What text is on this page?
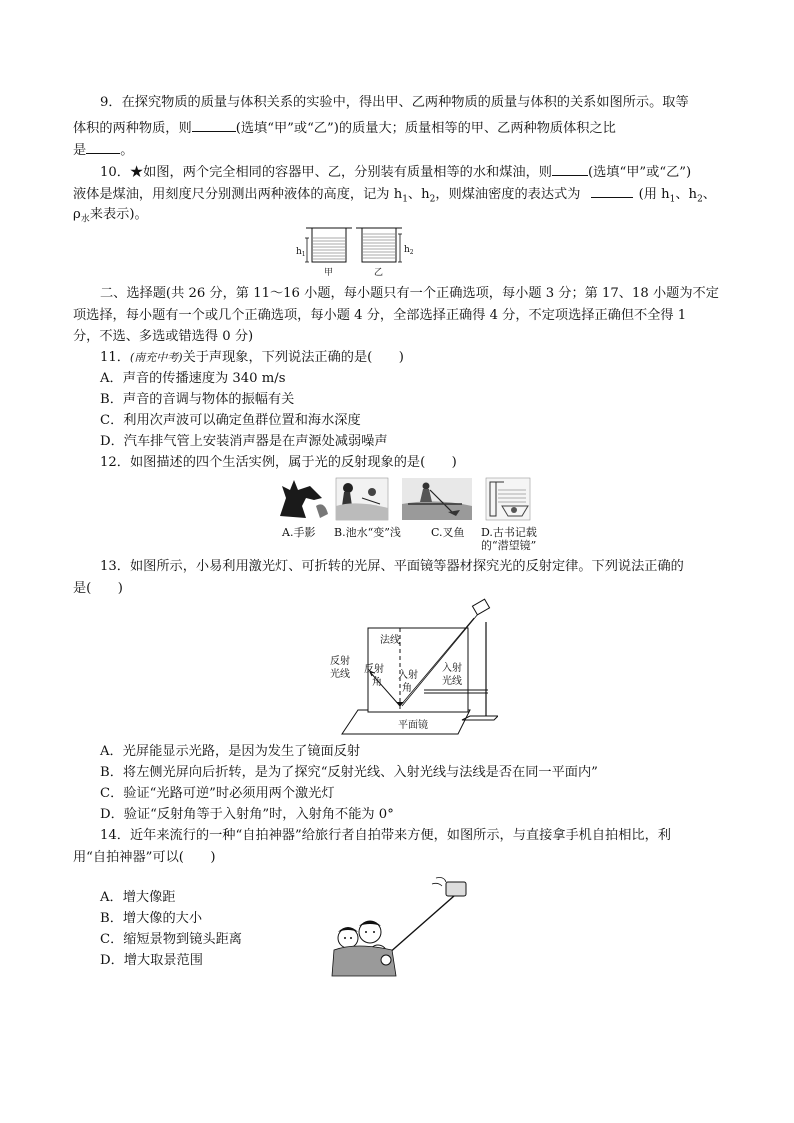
9．在探究物质的质量与体积关系的实验中，得出甲、乙两种物质的质量与体积的关系如图所示。取等
体积的两种物质，则	(选填“甲”或“乙”)的质量大；质量相等的甲、乙两种物质体积之比
是	。
10．★如图，两个完全相同的容器甲、乙，分别装有质量相等的水和煤油，则	(选填“甲”或“乙”)
液体是煤油，用刻度尺分别测出两种液体的高度，记为 $h_1$、$h_2$，则煤油密度的表达式为	(用 $h_1$、$h_2$、
$\rho_水$来表示)。
$h_1$	$h_2$
甲	乙
二、选择题(共 26 分，第 11～16 小题，每小题只有一个正确选项，每小题 3 分；第 17、18 小题为不定
项选择，每小题有一个或几个正确选项，每小题 4 分，全部选择正确得 4 分，不定项选择正确但不全得 1
分，不选、多选或错选得 0 分)
11．(南充中考)关于声现象，下列说法正确的是(　　)
A．声音的传播速度为 340 m/s
B．声音的音调与物体的振幅有关
C．利用次声波可以确定鱼群位置和海水深度
D．汽车排气管上安装消声器是在声源处减弱噪声
12．如图描述的四个生活实例，属于光的反射现象的是(　　)
A.手影 B.池水“变”浅	C.叉鱼 D.古书记载
的“潜望镜”
13．如图所示，小易利用激光灯、可折转的光屏、平面镜等器材探究光的反射定律。下列说法正确的
是(　　)
法线
反射
光线 反射
角
入射
角
入射
光线
平面镜
A．光屏能显示光路，是因为发生了镜面反射
B．将左侧光屏向后折转，是为了探究“反射光线、入射光线与法线是否在同一平面内”
C．验证“光路可逆”时必须用两个激光灯
D．验证“反射角等于入射角”时，入射角不能为 0°
14．近年来流行的一种“自拍神器”给旅行者自拍带来方便，如图所示，与直接拿手机自拍相比，利
用“自拍神器”可以(　　)
A．增大像距
B．增大像的大小
C．缩短景物到镜头距离
D．增大取景范围
